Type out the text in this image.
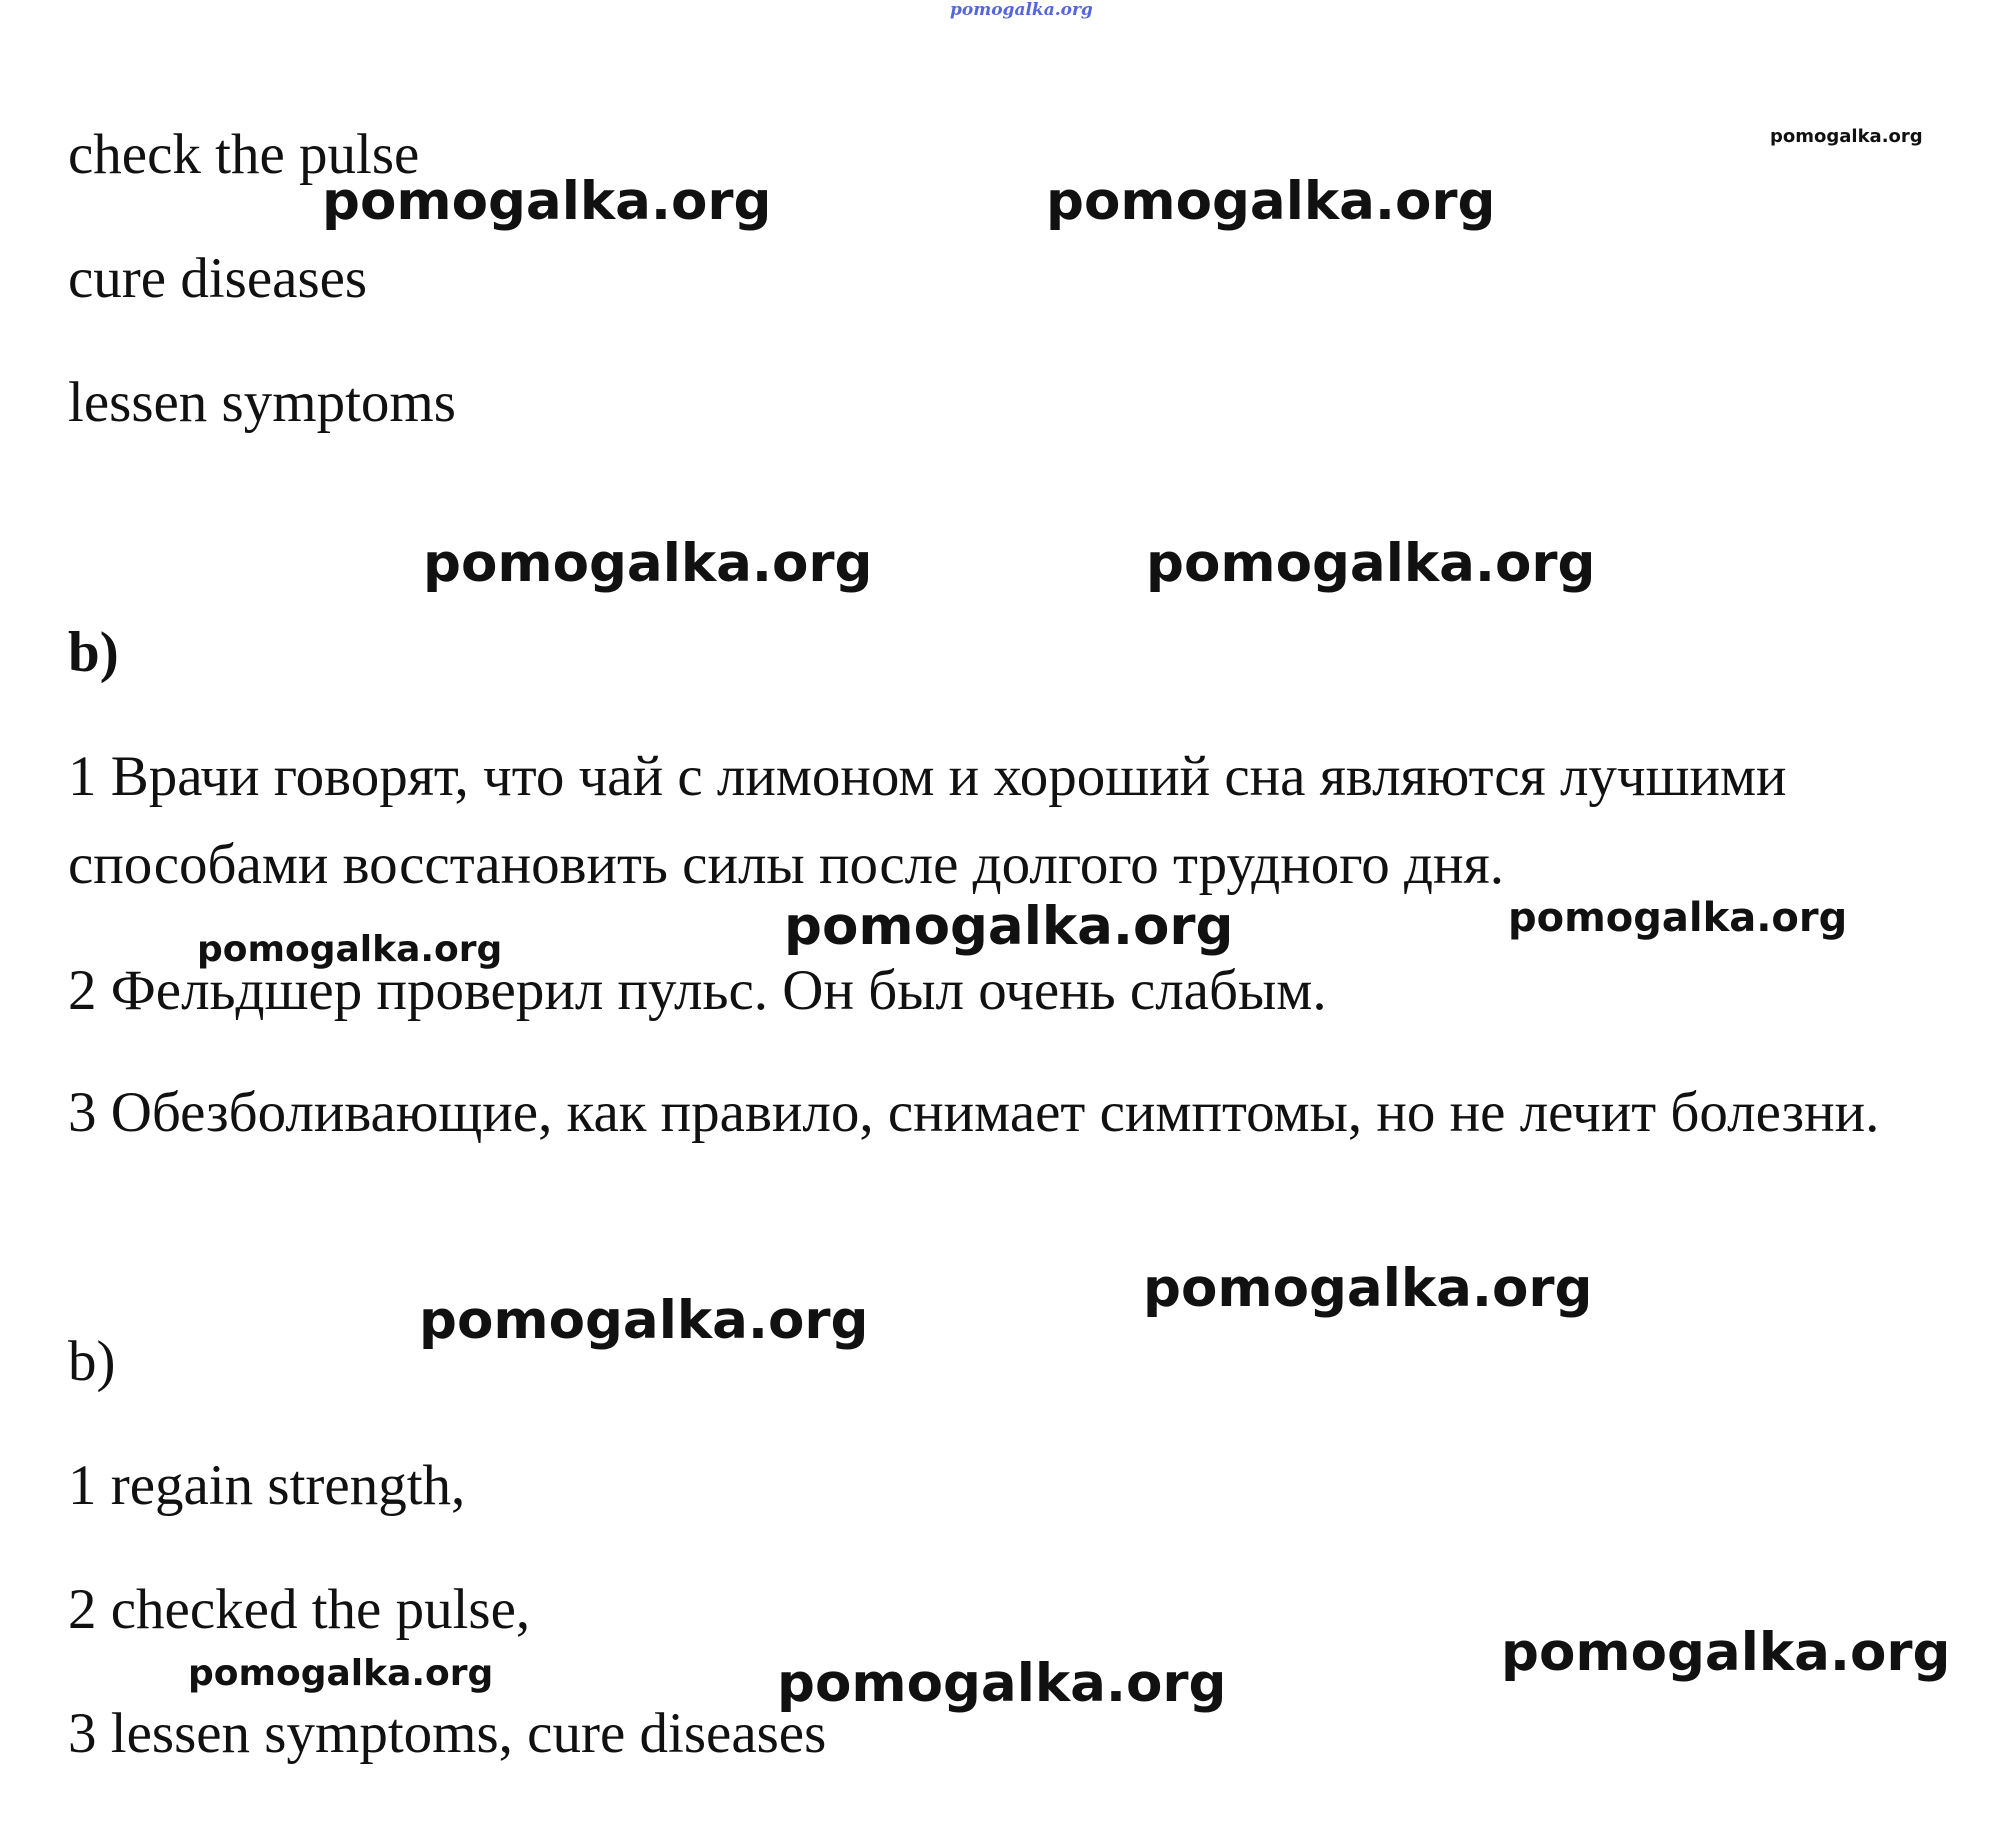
check the pulse

cure diseases

lessen symptoms

b)

1 Врачи говорят, что чай с лимоном и хороший сна являются лучшими

способами восстановить силы после долгого трудного дня.

2 Фельдшер проверил пульс. Он был очень слабым.

3 Обезболивающие, как правило, снимает симптомы, но не лечит болезни.

b)

1 regain strength,

2 checked the pulse,

3 lessen symptoms, cure diseases

pomogalka.org
pomogalka.org
pomogalka.org	pomogalka.org
pomogalka.org	pomogalka.org
pomogalka.org	pomogalka.org
pomogalka.org
pomogalka.org
pomogalka.org
pomogalka.org
pomogalka.org	pomogalka.org
